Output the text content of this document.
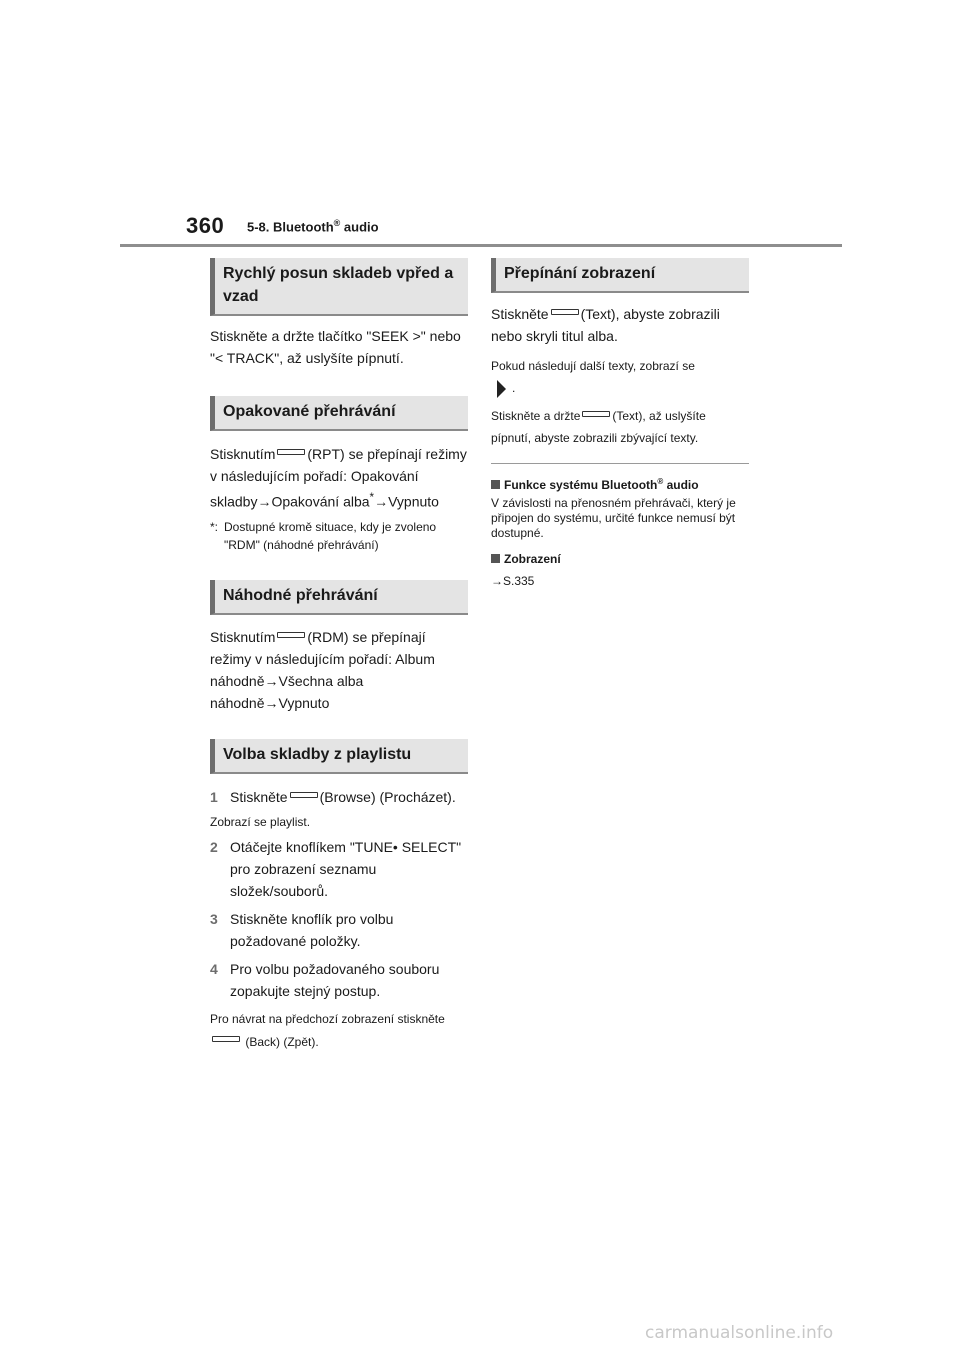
360 5-8. Bluetooth® audio
Rychlý posun skladeb vpřed a vzad

Stiskněte a držte tlačítko "SEEK >" nebo "< TRACK", až uslyšíte pípnutí.

Opakované přehrávání

Stisknutím (RPT) se přepínají režimy v následujícím pořadí: Opakování skladby→Opakování alba*→Vypnuto

*: Dostupné kromě situace, kdy je zvoleno "RDM" (náhodné přehrávání)
Náhodné přehrávání

Stisknutím (RDM) se přepínají režimy v následujícím pořadí: Album náhodně→Všechna alba náhodně→Vypnuto

Volba skladby z playlistu
1 Stiskněte (Browse) (Procházet).

Zobrazí se playlist.

2 Otáčejte knoflíkem "TUNE• SELECT" pro zobrazení seznamu složek/souborů.
3 Stiskněte knoflík pro volbu požadované položky.
4 Pro volbu požadovaného souboru zopakujte stejný postup.

Pro návrat na předchozí zobrazení stiskněte  (Back) (Zpět).

Přepínání zobrazení

Stiskněte (Text), abyste zobrazili nebo skryli titul alba.

Pokud následují další texty, zobrazí se
.

Stiskněte a držte	(Text), až uslyšíte pípnutí, abyste zobrazili zbývající texty.

Funkce systému Bluetooth® audio

V závislosti na přenosném přehrávači, který je připojen do systému, určité funkce nemusí být dostupné.

Zobrazení

→S.335

carmanualsonline.info
